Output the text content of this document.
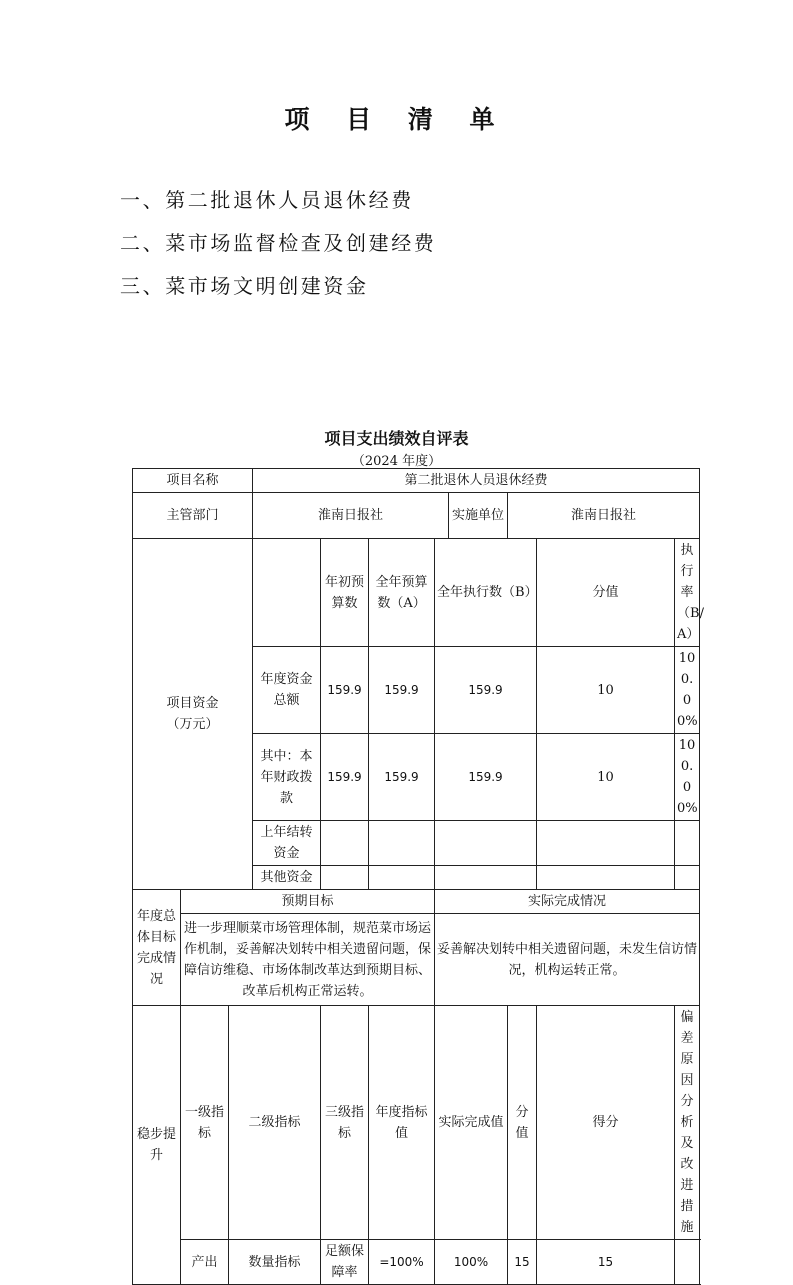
项 目 清 单
一、第二批退休人员退休经费
二、菜市场监督检查及创建经费
三、菜市场文明创建资金
项目支出绩效自评表
（2024 年度）
项目名称			第二批退休人员退休经费								
主管部门			淮南日报社				实施单位	淮南日报社			
项目资金
（万元）				年初预算数	全年预算数（A）	全年执行数（B）			分值	执行率（B/A）	
			年度资金总额	159.9	159.9	159.9			10	100.00%	
			其中：本年财政拨款	159.9	159.9	159.9			10	100.00%	
			上年结转资金								
			其他资金								
年度总体目标完成情况	预期目标					实际完成情况					
	进一步理顺菜市场管理体制，规范菜市场运作机制，妥善解决划转中相关遗留问题，保障信访维稳、市场体制改革达到预期目标、改革后机构正常运转。					妥善解决划转中相关遗留问题，未发生信访情况，机构运转正常。					
稳步提升	一级指标	二级指标		三级指标	年度指标值	实际完成值		分值	得分	偏差原因分析及改进措施	
	产出	数量指标		足额保障率	=100%	100%		15	15		
